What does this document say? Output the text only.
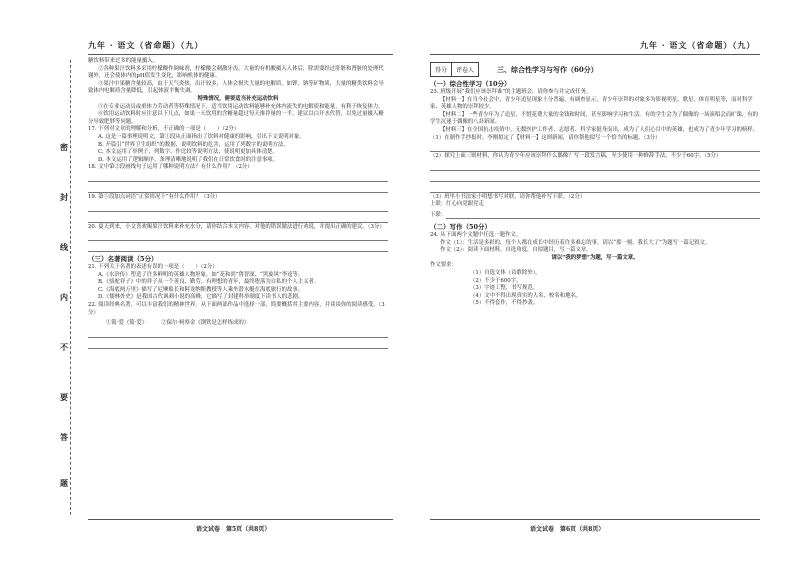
九年 · 语文（省命题）（九）

糖饮料带来过多的能量摄入。

②各种果汁饮料多采用柠檬酸作调味剂，柠檬酸会刺激牙齿，大量的有机酸摄入人体后，除需要经过肝脏和肾脏的处理代谢外，还会使体内的pH值发生变化，影响机体的健康。

③果汁中果糖含量较高，由于天气炎热，出汗较多，人体会损失大量的电解质，如钾、钠等矿物质，大量的糖类饮料会导致体内电解质含量降低，引起体液平衡失调。

特殊情况，需要适当补充运动饮料

⑤在专业运动员或重体力劳动者等特殊情况下，适当饮用运动饮料能够补充体内流失的电解质和能量，有利于恢复体力。

⑥饮用运动饮料时应注意以下几点，如果一天饮用的含糖量超过每天推荐量的一半，建议以白开水代替，以免过量摄入糖分导致肥胖等问题。

17. 下列对文章的理解和分析，不正确的一项是（　　）（2分）

A. 这是一篇事理说明文，第①段从正面指出了饮料对健康的影响，引出下文说明对象。

B. 开篇引“世界卫生组织”的数据，说明饮料的危害，运用了列数字的说明方法。

C. 本文运用了举例子、列数字、作比较等说明方法，使说明更加具体清楚。

D. 本文运用了逻辑顺序，条理清晰地说明了我们在日常饮食时的注意事项。

18. 文中第②段画线句子运用了哪种说明方法？有什么作用？（2分）

19. 第⑤段加点词语“正常情况下”有什么作用？（3分）

20. 夏天到来，小文喜欢喝果汁饮料来补充水分，请你结合本文内容，对他的错误做法进行劝说，并提出正确的建议。（3分）

（三）名著阅读（5分）

21. 下列关于名著的表述有误的一项是（　　）（2分）

A.《水浒传》塑造了许多鲜明的英雄人物形象，如“花和尚”鲁智深、“黑旋风”李逵等。

B.《骆驼祥子》中的祥子从一个善良、勤劳、有理想的青年，最终堕落为自私的个人主义者。

C.《海底两万里》描写了尼摩船长和阿龙纳斯教授等人乘坐潜水艇在海底旅行的故事。

D.《儒林外史》是我国古代讽刺小说的高峰，它描写了封建科举制度下读书人的悲剧。

22. 阅读经典名著，可以丰富我们的精神世界。从下面两部作品中选择一部，简要概括其主要内容，并谈谈你的阅读感受。（3分）

①简·爱《简·爱》	②保尔·柯察金《钢铁是怎样炼成的》
语文试卷　第5页（共8页）
密
封
线
内
不
要
答
题
九年 · 语文（省命题）（九）
得分	评卷人	三、综合性学习与写作（60分）
（一）综合性学习（10分）

23. 班级开展“我们应该崇拜谁”的主题班会，请你参与并完成任务。

【材料一】在当今社会中，青少年追星现象十分普遍。有调查显示，青少年崇拜的对象多为影视明星、歌星、体育明星等，而对科学家、英雄人物的崇拜较少。

【材料二】一些青少年为了追星，不惜花费大量的金钱和时间，甚至影响学习和生活。有的学生会为了偶像的一场演唱会而旷课，有的学生沉迷于偶像的八卦新闻。

【材料三】在全国抗击疫情中，无数医护工作者、志愿者、科学家挺身而出，成为了人们心目中的英雄，也成为了青少年学习的榜样。

（1）在制作手抄报时，李刚拟定了【材料一】这则新闻，请你帮他拟写一个恰当的标题。（3分）

（2）探究上面三则材料，你认为青少年应该崇拜什么偶像？写一段发言稿，至少使用一种修辞手法，不少于60字。（5分）

（3）班里小书法家小明想书写对联，请你帮他补写下联。（2分）

上联：红心向党跟党走

下联：
（二）写作（50分）

24. 从下面两个文题中任选一题作文。

作文（1）：生活是多彩的，每个人都在成长中经历着许多难忘的事。请以“那一刻，我长大了”为题写一篇记叙文。

作文（2）：阅读下面材料，自选角度，自拟题目，写一篇文章。

请以“我的梦想”为题，写一篇文章。

作文要求：

（1）自选文体（诗歌除外）。

（2）不少于600字。

（3）字迹工整，书写规范。

（4）文中不得出现真实的人名、校名和地名。

（5）不得套作，不得抄袭。

语文试卷　第6页（共8页）
